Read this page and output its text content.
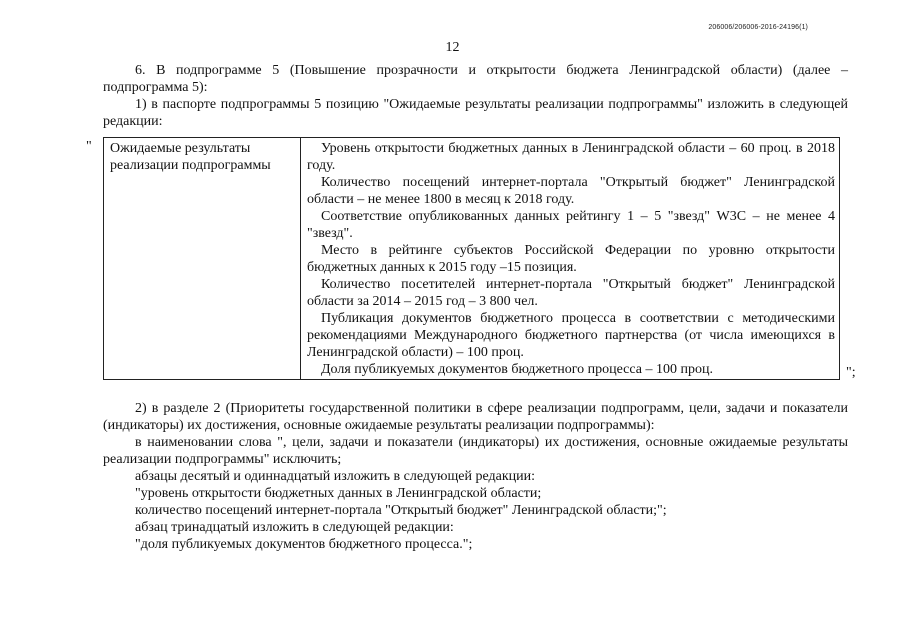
206006/206006-2016-24196(1)
12

6. В подпрограмме 5 (Повышение прозрачности и открытости бюджета Ленинградской области) (далее – подпрограмма 5):

1) в паспорте подпрограммы 5 позицию "Ожидаемые результаты реализации подпрограммы" изложить в следующей редакции:

" Ожидаемые результаты реализации подпрограммы	

Уровень открытости бюджетных данных в Ленинградской области – 60 проц. в 2018 году.

Количество посещений интернет-портала "Открытый бюджет" Ленинградской области – не менее 1800 в месяц к 2018 году.

Соответствие опубликованных данных рейтингу 1 – 5 "звезд" W3C – не менее 4 "звезд".

Место в рейтинге субъектов Российской Федерации по уровню открытости бюджетных данных к 2015 году –15 позиция.

Количество посетителей интернет-портала "Открытый бюджет" Ленинградской области за 2014 – 2015 год – 3 800 чел.

Публикация документов бюджетного процесса в соответствии с методическими рекомендациями Международного бюджетного партнерства (от числа имеющихся в Ленинградской области) – 100 проц.

Доля публикуемых документов бюджетного процесса – 100 проц.	";

2) в разделе 2 (Приоритеты государственной политики в сфере реализации подпрограмм, цели, задачи и показатели (индикаторы) их достижения, основные ожидаемые результаты реализации подпрограммы):

в наименовании слова ", цели, задачи и показатели (индикаторы) их достижения, основные ожидаемые результаты реализации подпрограммы" исключить;

абзацы десятый и одиннадцатый изложить в следующей редакции:

"уровень открытости бюджетных данных в Ленинградской области;

количество посещений интернет-портала "Открытый бюджет" Ленинградской области;";

абзац тринадцатый изложить в следующей редакции:

"доля публикуемых документов бюджетного процесса.";
